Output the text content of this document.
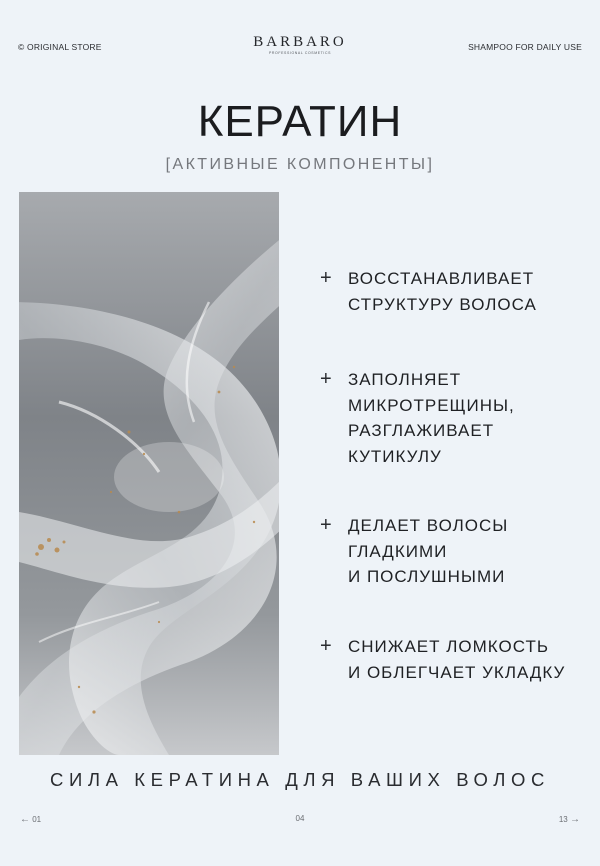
© ORIGINAL STORE	BARBARO
PROFESSIONAL COSMETICS
SHAMPOO FOR DAILY USE
КЕРАТИН
[АКТИВНЫЕ КОМПОНЕНТЫ]
+ ВОССТАНАВЛИВАЕТ
СТРУКТУРУ ВОЛОСА
+ ЗАПОЛНЯЕТ
МИКРОТРЕЩИНЫ,
РАЗГЛАЖИВАЕТ
КУТИКУЛУ
+ ДЕЛАЕТ ВОЛОСЫ
ГЛАДКИМИ
И ПОСЛУШНЫМИ
+ СНИЖАЕТ ЛОМКОСТЬ
И ОБЛЕГЧАЕТ УКЛАДКУ
СИЛА КЕРАТИНА ДЛЯ ВАШИХ ВОЛОС
← 01	04	13 →
